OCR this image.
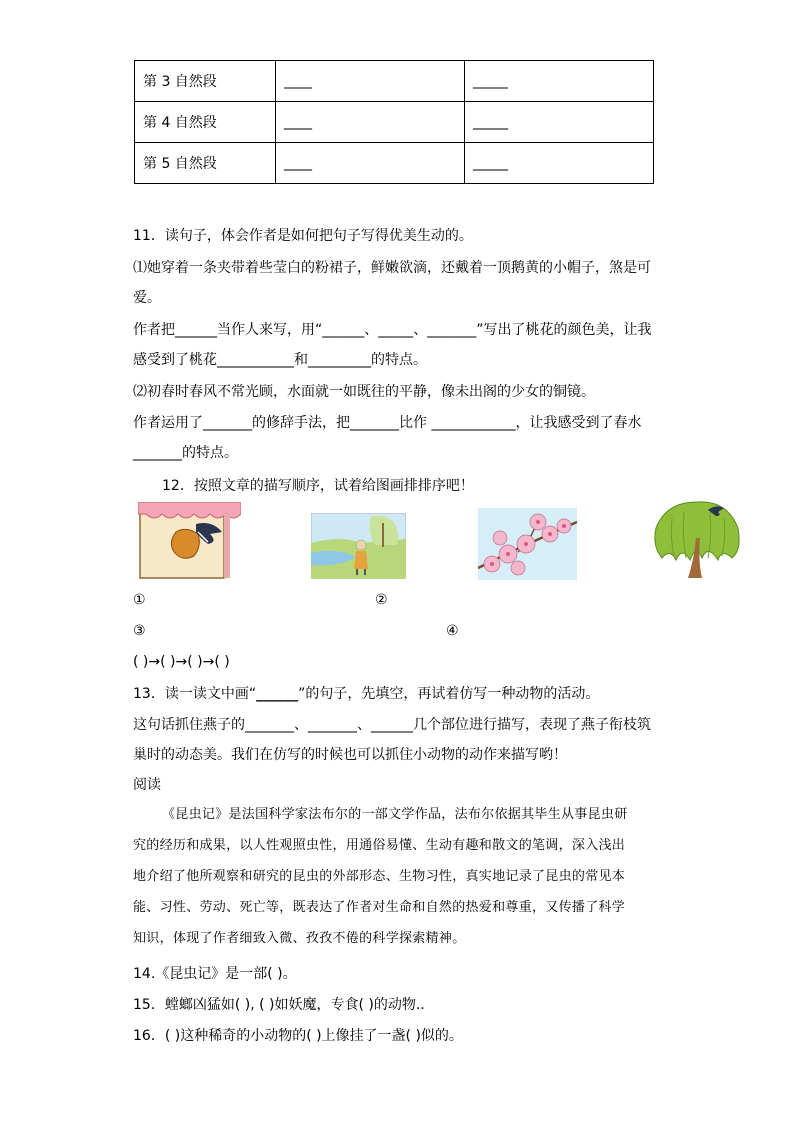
第 3 自然段	____	_____
第 4 自然段	____	_____
第 5 自然段	____	_____
11．读句子，体会作者是如何把句子写得优美生动的。
⑴她穿着一条夹带着些莹白的粉裙子，鲜嫩欲滴，还戴着一顶鹅黄的小帽子，煞是可
爱。
作者把______当作人来写，用“______、_____、_______”写出了桃花的颜色美，让我
感受到了桃花___________和_________的特点。
⑵初春时春风不常光顾，水面就一如既往的平静，像未出阁的少女的铜镜。
作者运用了_______的修辞手法，把_______比作 ____________，让我感受到了春水
_______的特点。
12．按照文章的描写顺序，试着给图画排排序吧！
①	②
③	④
( )→( )→( )→( )
13．读一读文中画“______”的句子，先填空，再试着仿写一种动物的活动。
这句话抓住燕子的_______、_______、______几个部位进行描写，表现了燕子衔枝筑
巢时的动态美。我们在仿写的时候也可以抓住小动物的动作来描写哟！
阅读
《昆虫记》是法国科学家法布尔的一部文学作品，法布尔依据其毕生从事昆虫研
究的经历和成果，以人性观照虫性，用通俗易懂、生动有趣和散文的笔调，深入浅出
地介绍了他所观察和研究的昆虫的外部形态、生物习性，真实地记录了昆虫的常见本
能、习性、劳动、死亡等，既表达了作者对生命和自然的热爱和尊重，又传播了科学
知识，体现了作者细致入微、孜孜不倦的科学探索精神。
14.《昆虫记》是一部( )。
15．螳螂凶猛如( ), ( )如妖魔，专食( )的动物..
16．( )这种稀奇的小动物的( )上像挂了一盏( )似的。
